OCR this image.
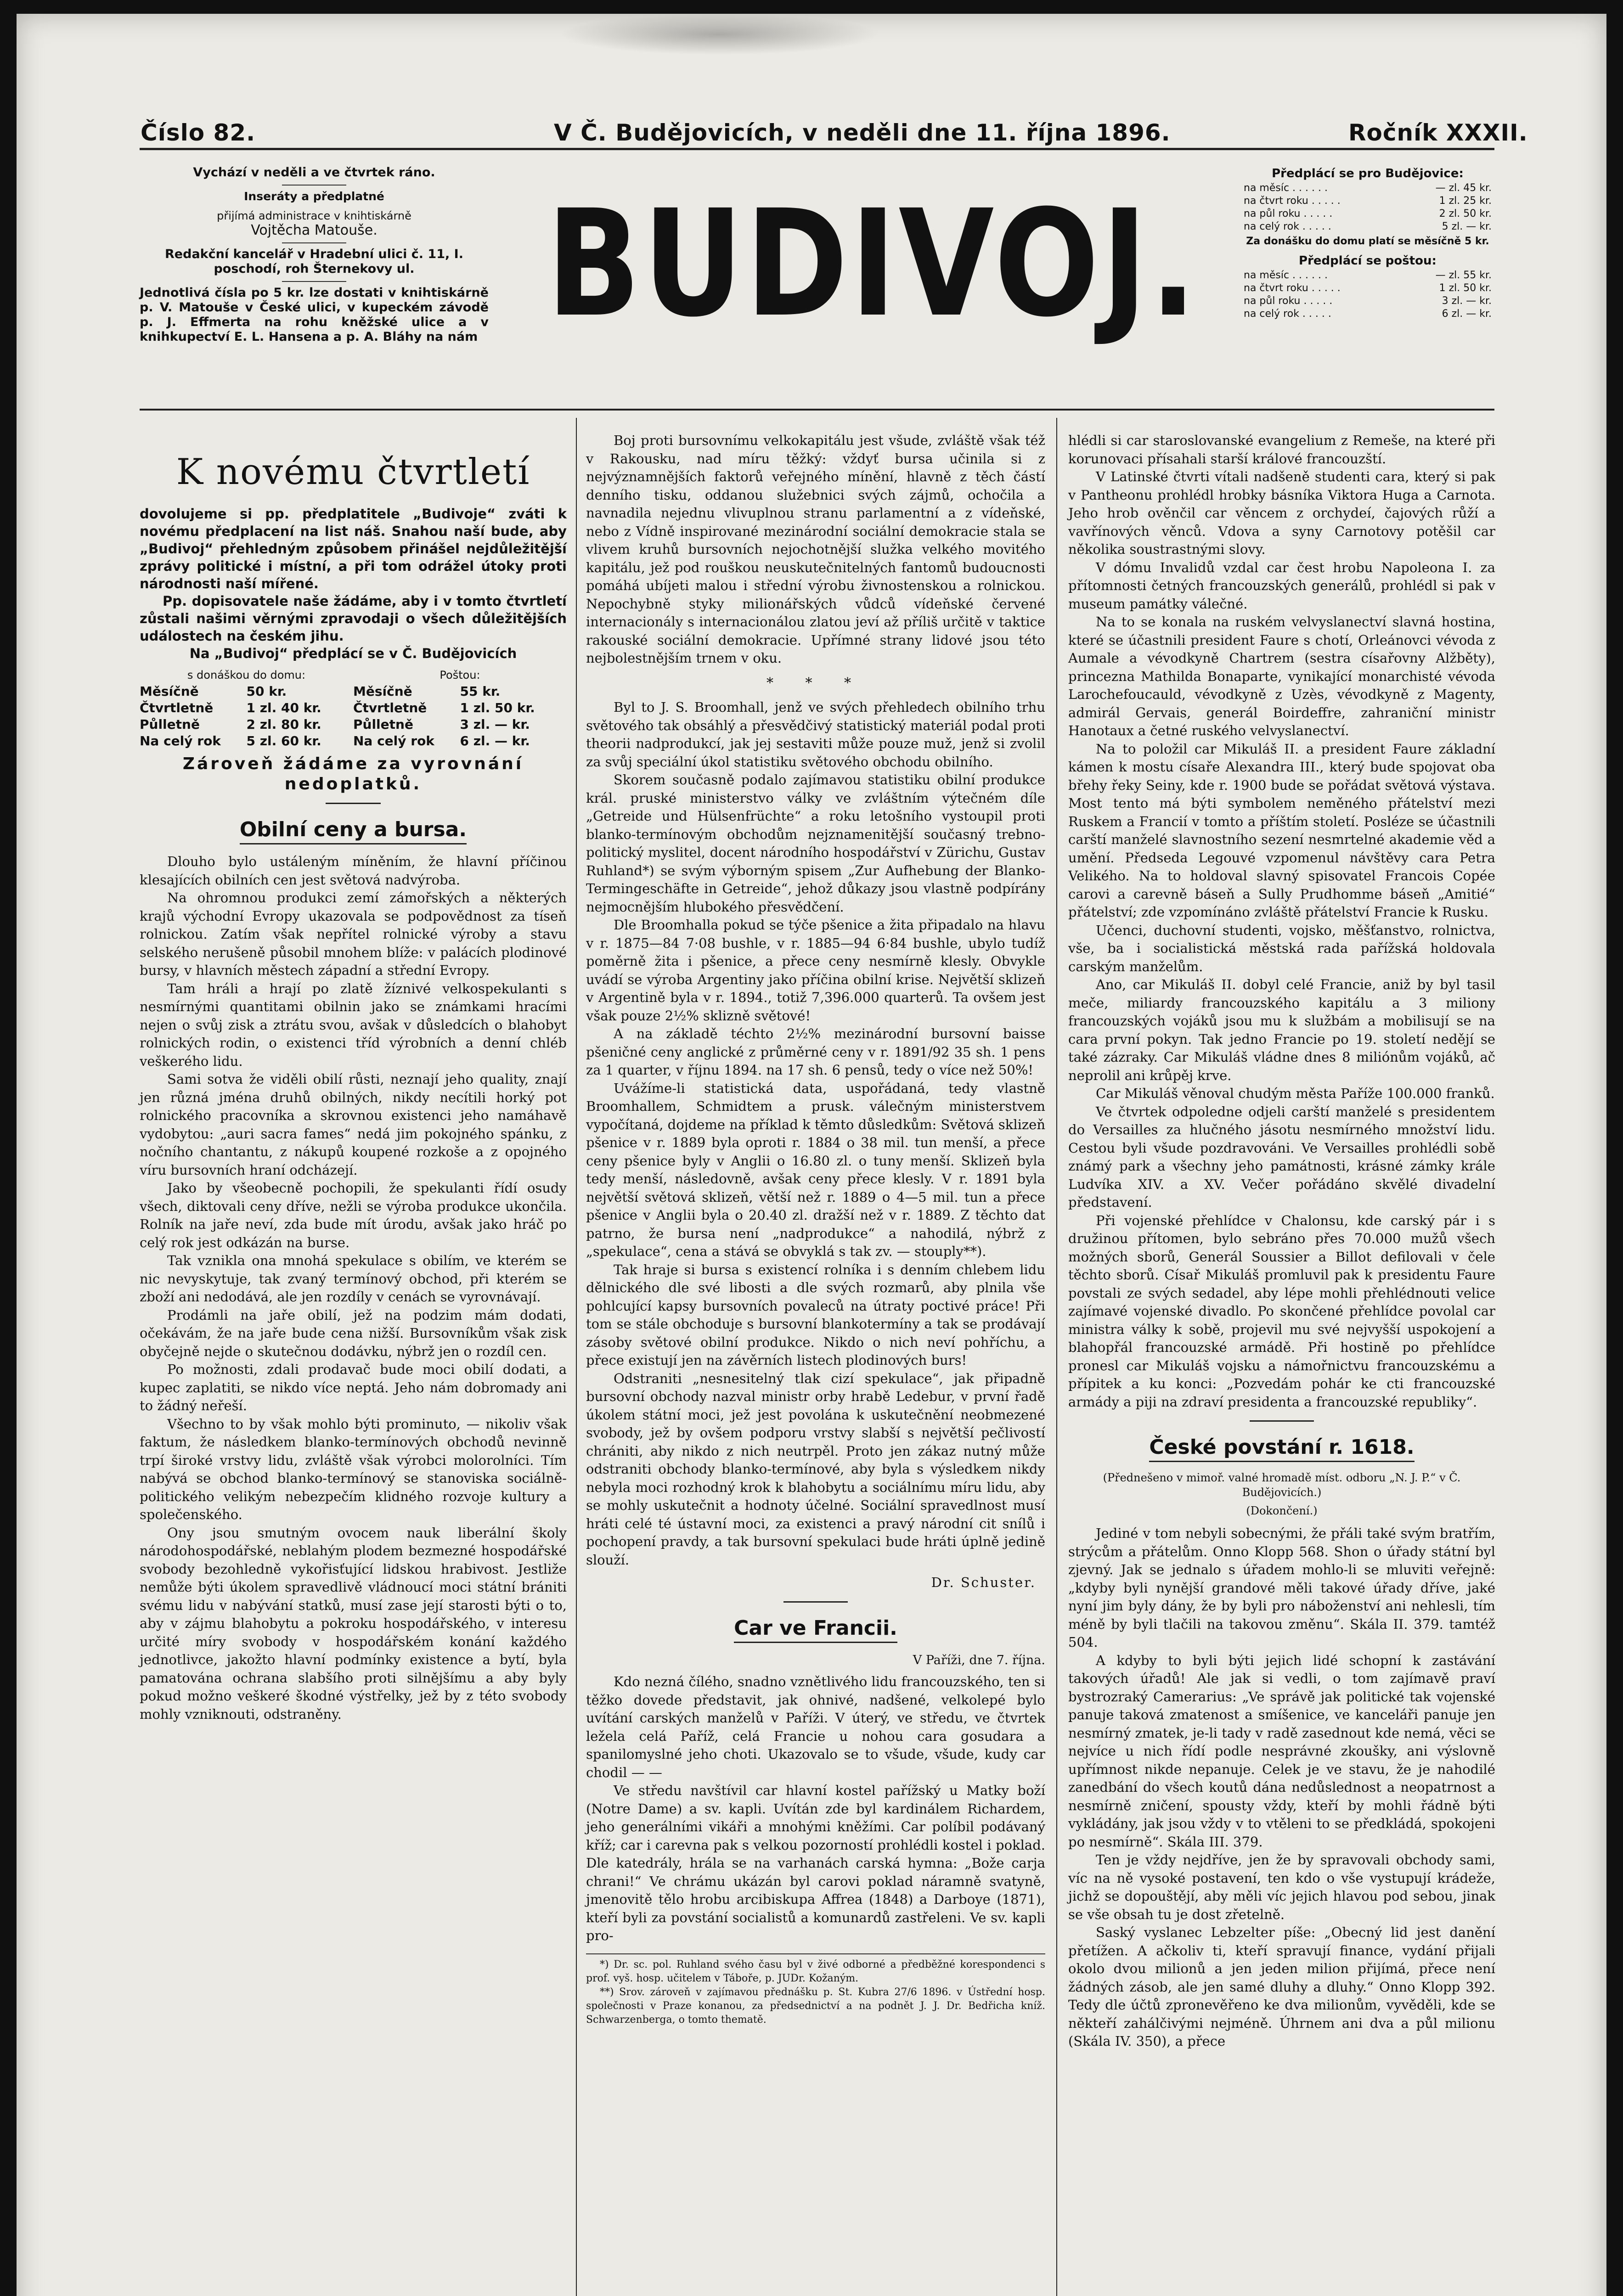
Číslo 82.	V Č. Budějovicích, v neděli dne 11. října 1896.	Ročník XXXII.

Vychází v neděli a ve čtvrtek ráno.

Inseráty a předplatné

přijímá administrace v knihtiskárně

Vojtěcha Matouše.

Redakční kancelář v Hradební ulici č. 11, I. poschodí, roh Šternekovy ul.

Jednotlivá čísla po 5 kr. lze dostati v knihtiskárně p. V. Matouše v České ulici, v kupeckém závodě p. J. Effmerta na rohu kněžské ulice a v knihkupectví E. L. Hansena a p. A. Bláhy na nám BUDIVOJ.
Předplácí se pro Budějovice:
na měsíc . . . . . .	— zl. 45 kr.
na čtvrt roku . . . . .	1 zl. 25 kr.
na půl roku . . . . .	2 zl. 50 kr.
na celý rok . . . . .	5 zl. — kr.
Za donášku do domu platí se měsíčně 5 kr.
Předplácí se poštou:
na měsíc . . . . . .	— zl. 55 kr.
na čtvrt roku . . . . .	1 zl. 50 kr.
na půl roku . . . . .	3 zl. — kr.
na celý rok . . . . .	6 zl. — kr.
K novému čtvrtletí

dovolujeme si pp. předplatitele „Budivoje“ zváti k novému předplacení na list náš. Snahou naší bude, aby „Budivoj“ přehledným způsobem přinášel nejdůležitější zprávy politické i místní, a při tom odrážel útoky proti národnosti naší mířené.

Pp. dopisovatele naše žádáme, aby i v tomto čtvrtletí zůstali našimi věrnými zpravodaji o všech důležitějších událostech na českém jihu.

Na „Budivoj“ předplácí se v Č. Budějovicích

s donáškou do domu:	Poštou:
Měsíčně	50 kr.	Měsíčně	55 kr.
Čtvrtletně	1 zl. 40 kr.	Čtvrtletně	1 zl. 50 kr.
Půlletně	2 zl. 80 kr.	Půlletně	3 zl. — kr.
Na celý rok	5 zl. 60 kr.	Na celý rok	6 zl. — kr.
Zároveň žádáme za vyrovnání nedoplatků.
Obilní ceny a bursa.

Dlouho bylo ustáleným míněním, že hlavní příčinou klesajících obilních cen jest světová nadvýroba.

Na ohromnou produkci zemí zámořských a některých krajů východní Evropy ukazovala se podpovědnost za tíseň rolnickou. Zatím však nepřítel rolnické výroby a stavu selského nerušeně působil mnohem blíže: v palácích plodinové bursy, v hlavních městech západní a střední Evropy.

Tam hráli a hrají po zlatě žíznivé velkospekulanti s nesmírnými quantitami obilnin jako se známkami hracími nejen o svůj zisk a ztrátu svou, avšak v důsledcích o blahobyt rolnických rodin, o existenci tříd výrobních a denní chléb veškerého lidu.

Sami sotva že viděli obilí růsti, neznají jeho quality, znají jen různá jména druhů obilných, nikdy necítili horký pot rolnického pracovníka a skrovnou existenci jeho namáhavě vydobytou: „auri sacra fames“ nedá jim pokojného spánku, z nočního chantantu, z nákupů koupené rozkoše a z opojného víru bursovních hraní odcházejí.

Jako by všeobecně pochopili, že spekulanti řídí osudy všech, diktovali ceny dříve, nežli se výroba produkce ukončila. Rolník na jaře neví, zda bude mít úrodu, avšak jako hráč po celý rok jest odkázán na burse.

Tak vznikla ona mnohá spekulace s obilím, ve kterém se nic nevyskytuje, tak zvaný termínový obchod, při kterém se zboží ani nedodává, ale jen rozdíly v cenách se vyrovnávají.

Prodámli na jaře obilí, jež na podzim mám dodati, očekávám, že na jaře bude cena nižší. Bursovníkům však zisk obyčejně nejde o skutečnou dodávku, nýbrž jen o rozdíl cen.

Po možnosti, zdali prodavač bude moci obilí dodati, a kupec zaplatiti, se nikdo více neptá. Jeho nám dobromady ani to žádný neřeší.

Všechno to by však mohlo býti prominuto, — nikoliv však faktum, že následkem blanko-termínových obchodů nevinně trpí široké vrstvy lidu, zvláště však výrobci molorolníci. Tím nabývá se obchod blanko-termínový se stanoviska sociálně-politického velikým nebezpečím klidného rozvoje kultury a společenského.

Ony jsou smutným ovocem nauk liberální školy národohospodářské, neblahým plodem bezmezné hospodářské svobody bezohledně vykořisťující lidskou hrabivost. Jestliže nemůže býti úkolem spravedlivě vládnoucí moci státní brániti svému lidu v nabývání statků, musí zase její starosti býti o to, aby v zájmu blahobytu a pokroku hospodářského, v interesu určité míry svobody v hospodářském konání každého jednotlivce, jakožto hlavní podmínky existence a bytí, byla pamatována ochrana slabšího proti silnějšímu a aby byly pokud možno veškeré škodné výstřelky, jež by z této svobody mohly vzniknouti, odstraněny.

Boj proti bursovnímu velkokapitálu jest všude, zvláště však též v Rakousku, nad míru těžký: vždyť bursa učinila si z nejvýznamnějších faktorů veřejného mínění, hlavně z těch částí denního tisku, oddanou služebnici svých zájmů, ochočila a navnadila nejednu vlivuplnou stranu parlamentní a z vídeňské, nebo z Vídně inspirované mezinárodní sociální demokracie stala se vlivem kruhů bursovních nejochotnější služka velkého movitého kapitálu, jež pod rouškou neuskutečnitelných fantomů budoucnosti pomáhá ubíjeti malou i střední výrobu živnostenskou a rolnickou. Nepochybně styky milionářských vůdců vídeňské červené internacionály s internacionálou zlatou jeví až příliš určitě v taktice rakouské sociální demokracie. Upřímné strany lidové jsou této nejbolestnějším trnem v oku.

* * *

Byl to J. S. Broomhall, jenž ve svých přehledech obilního trhu světového tak obsáhlý a přesvědčivý statistický materiál podal proti theorii nadprodukcí, jak jej sestaviti může pouze muž, jenž si zvolil za svůj speciální úkol statistiku světového obchodu obilního.

Skorem současně podalo zajímavou statistiku obilní produkce král. pruské ministerstvo války ve zvláštním výtečném díle „Getreide und Hülsenfrüchte“ a roku letošního vystoupil proti blanko-termínovým obchodům nejznamenitější současný trebno-politický myslitel, docent národního hospodářství v Zürichu, Gustav Ruhland*) se svým výborným spisem „Zur Aufhebung der Blanko-Termingeschäfte in Getreide“, jehož důkazy jsou vlastně podpírány nejmocnějším hlubokého přesvědčení.

Dle Broomhalla pokud se týče pšenice a žita připadalo na hlavu v r. 1875—84 7·08 bushle, v r. 1885—94 6·84 bushle, ubylo tudíž poměrně žita i pšenice, a přece ceny nesmírně klesly. Obvykle uvádí se výroba Argentiny jako příčina obilní krise. Největší sklizeň v Argentině byla v r. 1894., totiž 7,396.000 quarterů. Ta ovšem jest však pouze 2½% sklizně světové!

A na základě téchto 2½% mezinárodní bursovní baisse pšeničné ceny anglické z průměrné ceny v r. 1891/92 35 sh. 1 pens za 1 quarter, v říjnu 1894. na 17 sh. 6 pensů, tedy o více než 50%!

Uvážíme-li statistická data, uspořádaná, tedy vlastně Broomhallem, Schmidtem a prusk. válečným ministerstvem vypočítaná, dojdeme na příklad k těmto důsledkům: Světová sklizeň pšenice v r. 1889 byla oproti r. 1884 o 38 mil. tun menší, a přece ceny pšenice byly v Anglii o 16.80 zl. o tuny menší. Sklizeň byla tedy menší, následovně, avšak ceny přece klesly. V r. 1891 byla největší světová sklizeň, větší než r. 1889 o 4—5 mil. tun a přece pšenice v Anglii byla o 20.40 zl. dražší než v r. 1889. Z těchto dat patrno, že bursa není „nadprodukce“ a nahodilá, nýbrž z „spekulace“, cena a stává se obvyklá s tak zv. — stouply**).

Tak hraje si bursa s existencí rolníka i s denním chlebem lidu dělnického dle své libosti a dle svých rozmarů, aby plnila vše pohlcující kapsy bursovních povaleců na útraty poctivé práce! Při tom se stále obchoduje s bursovní blankotermíny a tak se prodávají zásoby světové obilní produkce. Nikdo o nich neví pohříchu, a přece existují jen na závěrních listech plodinových burs!

Odstraniti „nesnesitelný tlak cizí spekulace“, jak připadně bursovní obchody nazval ministr orby hrabě Ledebur, v první řadě úkolem státní moci, jež jest povolána k uskutečnění neobmezené svobody, jež by ovšem podporu vrstvy slabší s největší pečlivostí chrániti, aby nikdo z nich neutrpěl. Proto jen zákaz nutný může odstraniti obchody blanko-termínové, aby byla s výsledkem nikdy nebyla moci rozhodný krok k blahobytu a sociálnímu míru lidu, aby se mohly uskutečnit a hodnoty účelné. Sociální spravedlnost musí hráti celé té ústavní moci, za existenci a pravý národní cit snílů i pochopení pravdy, a tak bursovní spekulaci bude hráti úplně jedině slouží.

Dr. Schuster.
Car ve Francii.
V Paříži, dne 7. října.

Kdo nezná čílého, snadno vznětlivého lidu francouzského, ten si těžko dovede představit, jak ohnivé, nadšené, velkolepé bylo uvítání carských manželů v Paříži. V úterý, ve středu, ve čtvrtek ležela celá Paříž, celá Francie u nohou cara gosudara a spanilomyslné jeho choti. Ukazovalo se to všude, všude, kudy car chodil — —

Ve středu navštívil car hlavní kostel pařížský u Matky boží (Notre Dame) a sv. kapli. Uvítán zde byl kardinálem Richardem, jeho generálními vikáři a mnohými kněžími. Car políbil podávaný kříž; car i carevna pak s velkou pozorností prohlédli kostel i poklad. Dle katedrály, hrála se na varhanách carská hymna: „Bože carja chrani!“ Ve chrámu ukázán byl carovi poklad náramně svatyně, jmenovitě tělo hrobu arcibiskupa Affrea (1848) a Darboye (1871), kteří byli za povstání socialistů a komunardů zastřeleni. Ve sv. kapli pro-

*) Dr. sc. pol. Ruhland svého času byl v živé odborné a předběžné korespondenci s prof. vyš. hosp. učitelem v Táboře, p. JUDr. Kožaným.

**) Srov. zároveň v zajímavou přednášku p. St. Kubra 27/6 1896. v Ústřední hosp. společnosti v Praze konanou, za předsednictví a na podnět J. J. Dr. Bedřicha kníž. Schwarzenberga, o tomto thematě.

hlédli si car staroslovanské evangelium z Remeše, na které při korunovaci přísahali starší králové francouzští.

V Latinské čtvrti vítali nadšeně studenti cara, který si pak v Pantheonu prohlédl hrobky básníka Viktora Huga a Carnota. Jeho hrob ověnčil car věncem z orchydeí, čajových růží a vavřínových věnců. Vdova a syny Carnotovy potěšil car několika soustrastnými slovy.

V dómu Invalidů vzdal car čest hrobu Napoleona I. za přítomnosti četných francouzských generálů, prohlédl si pak v museum památky válečné.

Na to se konala na ruském velvyslanectví slavná hostina, které se účastnili president Faure s chotí, Orleánovci vévoda z Aumale a vévodkyně Chartrem (sestra císařovny Alžběty), princezna Mathilda Bonaparte, vynikající monarchisté vévoda Larochefoucauld, vévodkyně z Uzès, vévodkyně z Magenty, admirál Gervais, generál Boirdeffre, zahraniční ministr Hanotaux a četné ruského velvyslanectví.

Na to položil car Mikuláš II. a president Faure základní kámen k mostu císaře Alexandra III., který bude spojovat oba břehy řeky Seiny, kde r. 1900 bude se pořádat světová výstava. Most tento má býti symbolem neměného přátelství mezi Ruskem a Francií v tomto a příštím století. Posléze se účastnili carští manželé slavnostního sezení nesmrtelné akademie věd a umění. Předseda Legouvé vzpomenul návštěvy cara Petra Velikého. Na to holdoval slavný spisovatel Francois Copée carovi a carevně báseň a Sully Prudhomme báseň „Amitié“ přátelství; zde vzpomínáno zvláště přátelství Francie k Rusku.

Učenci, duchovní studenti, vojsko, měšťanstvo, rolnictva, vše, ba i socialistická městská rada pařížská holdovala carským manželům.

Ano, car Mikuláš II. dobyl celé Francie, aniž by byl tasil meče, miliardy francouzského kapitálu a 3 miliony francouzských vojáků jsou mu k službám a mobilisují se na cara první pokyn. Tak jedno Francie po 19. století nedějí se také zázraky. Car Mikuláš vládne dnes 8 miliónům vojáků, ač neprolil ani krůpěj krve.

Car Mikuláš věnoval chudým města Paříže 100.000 franků.

Ve čtvrtek odpoledne odjeli carští manželé s presidentem do Versailles za hlučného jásotu nesmírného množství lidu. Cestou byli všude pozdravováni. Ve Versailles prohlédli sobě známý park a všechny jeho památnosti, krásné zámky krále Ludvíka XIV. a XV. Večer pořádáno skvělé divadelní představení.

Při vojenské přehlídce v Chalonsu, kde carský pár i s družinou přítomen, bylo sebráno přes 70.000 mužů všech možných sborů, Generál Soussier a Billot defilovali v čele těchto sborů. Císař Mikuláš promluvil pak k presidentu Faure povstali ze svých sedadel, aby lépe mohli přehlédnouti velice zajímavé vojenské divadlo. Po skončené přehlídce povolal car ministra války k sobě, projevil mu své nejvyšší uspokojení a blahopřál francouzské armádě. Při hostině po přehlídce pronesl car Mikuláš vojsku a námořnictvu francouzskému a přípitek a ku konci: „Pozvedám pohár ke cti francouzské armády a piji na zdraví presidenta a francouzské republiky“.

České povstání r. 1618.
(Přednešeno v mimoř. valné hromadě míst. odboru „N. J. P.“ v Č. Budějovicích.)
(Dokončení.)

Jediné v tom nebyli sobecnými, že přáli také svým bratřím, strýcům a přátelům. Onno Klopp 568. Shon o úřady státní byl zjevný. Jak se jednalo s úřadem mohlo-li se mluviti veřejně: „kdyby byli nynější grandové měli takové úřady dříve, jaké nyní jim byly dány, že by byli pro náboženství ani nehlesli, tím méně by byli tlačili na takovou změnu“. Skála II. 379. tamtéž 504.

A kdyby to byli býti jejich lidé schopní k zastávání takových úřadů! Ale jak si vedli, o tom zajímavě praví bystrozraký Camerarius: „Ve správě jak politické tak vojenské panuje taková zmatenost a smíšenice, ve kanceláři panuje jen nesmírný zmatek, je-li tady v radě zasednout kde nemá, věci se nejvíce u nich řídí podle nesprávné zkoušky, ani výslovně upřímnost nikde nepanuje. Celek je ve stavu, že je nahodilé zanedbání do všech koutů dána nedůslednost a neopatrnost a nesmírně zničení, spousty vždy, kteří by mohli řádně býti vykládány, jak jsou vždy v to vtěleni to se předkládá, spokojeni po nesmírně“. Skála III. 379.

Ten je vždy nejdříve, jen že by spravovali obchody sami, víc na ně vysoké postavení, ten kdo o vše vystupují krádeže, jichž se dopouštějí, aby měli víc jejich hlavou pod sebou, jinak se vše obsah tu je dost zřetelně.

Saský vyslanec Lebzelter píše: „Obecný lid jest danění přetížen. A ačkoliv ti, kteří spravují finance, vydání přijali okolo dvou milionů a jen jeden milion přijímá, přece není žádných zásob, ale jen samé dluhy a dluhy.“ Onno Klopp 392. Tedy dle účtů zpronevěřeno ke dva milionům, vyvěděli, kde se někteří zahálčivými nejméně. Úhrnem ani dva a půl milionu (Skála IV. 350), a přece
